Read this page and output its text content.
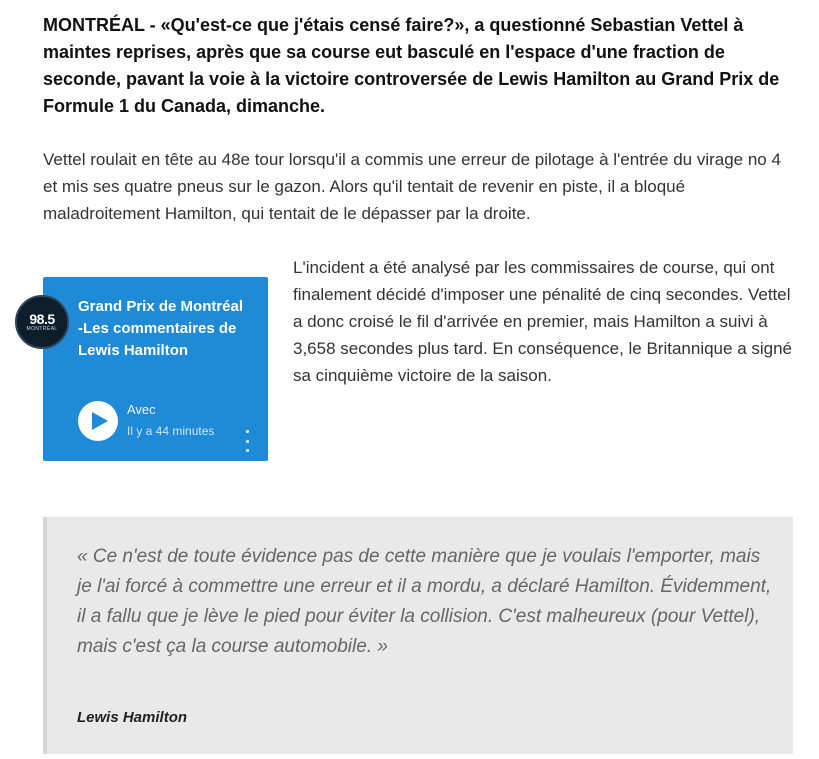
MONTRÉAL - «Qu'est-ce que j'étais censé faire?», a questionné Sebastian Vettel à maintes reprises, après que sa course eut basculé en l'espace d'une fraction de seconde, pavant la voie à la victoire controversée de Lewis Hamilton au Grand Prix de Formule 1 du Canada, dimanche.

Vettel roulait en tête au 48e tour lorsqu'il a commis une erreur de pilotage à l'entrée du virage no 4 et mis ses quatre pneus sur le gazon. Alors qu'il tentait de revenir en piste, il a bloqué maladroitement Hamilton, qui tentait de le dépasser par la droite.

L'incident a été analysé par les commissaires de course, qui ont finalement décidé d'imposer une pénalité de cinq secondes. Vettel a donc croisé le fil d'arrivée en premier, mais Hamilton a suivi à 3,658 secondes plus tard. En conséquence, le Britannique a signé sa cinquième victoire de la saison.

98.5
MONTRÉAL

Grand Prix de Montréal -Les commentaires de Lewis Hamilton

Avec
Il y a 44 minutes

« Ce n'est de toute évidence pas de cette manière que je voulais l'emporter, mais je l'ai forcé à commettre une erreur et il a mordu, a déclaré Hamilton. Évidemment, il a fallu que je lève le pied pour éviter la collision. C'est malheureux (pour Vettel), mais c'est ça la course automobile. »

Lewis Hamilton
